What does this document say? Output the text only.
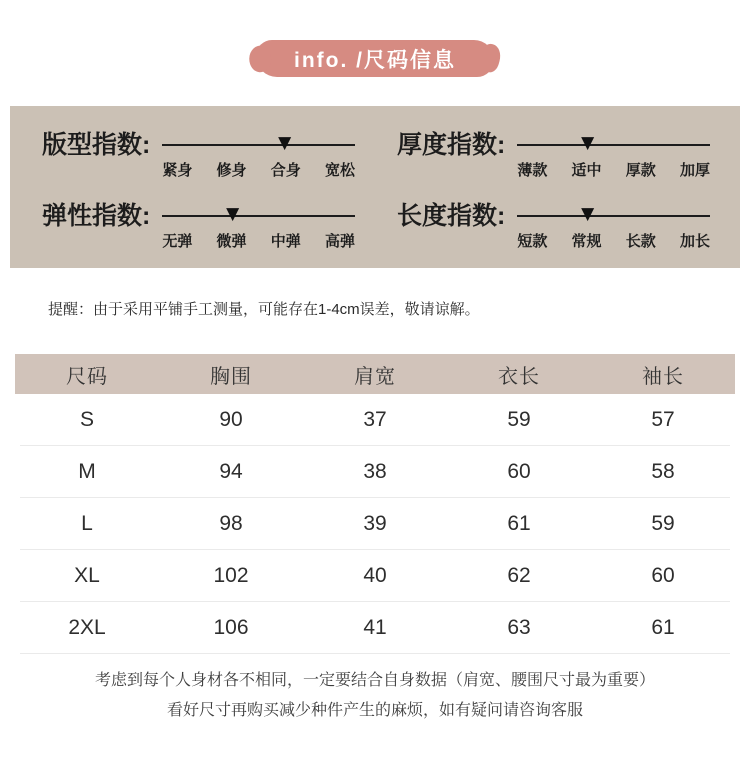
info. /尺码信息
版型指数:	▼
紧身 修身 合身 宽松
厚度指数:	▼
薄款 适中 厚款 加厚
弹性指数:	▼
无弹 微弹 中弹 高弹
长度指数:	▼
短款 常规 长款 加长

提醒：由于采用平铺手工测量，可能存在1-4cm误差，敬请谅解。

尺码	胸围	肩宽	衣长	袖长
S	90	37	59	57
M	94	38	60	58
L	98	39	61	59
XL	102	40	62	60
2XL	106	41	63	61

考虑到每个人身材各不相同，一定要结合自身数据（肩宽、腰围尺寸最为重要）

看好尺寸再购买减少种件产生的麻烦，如有疑问请咨询客服
